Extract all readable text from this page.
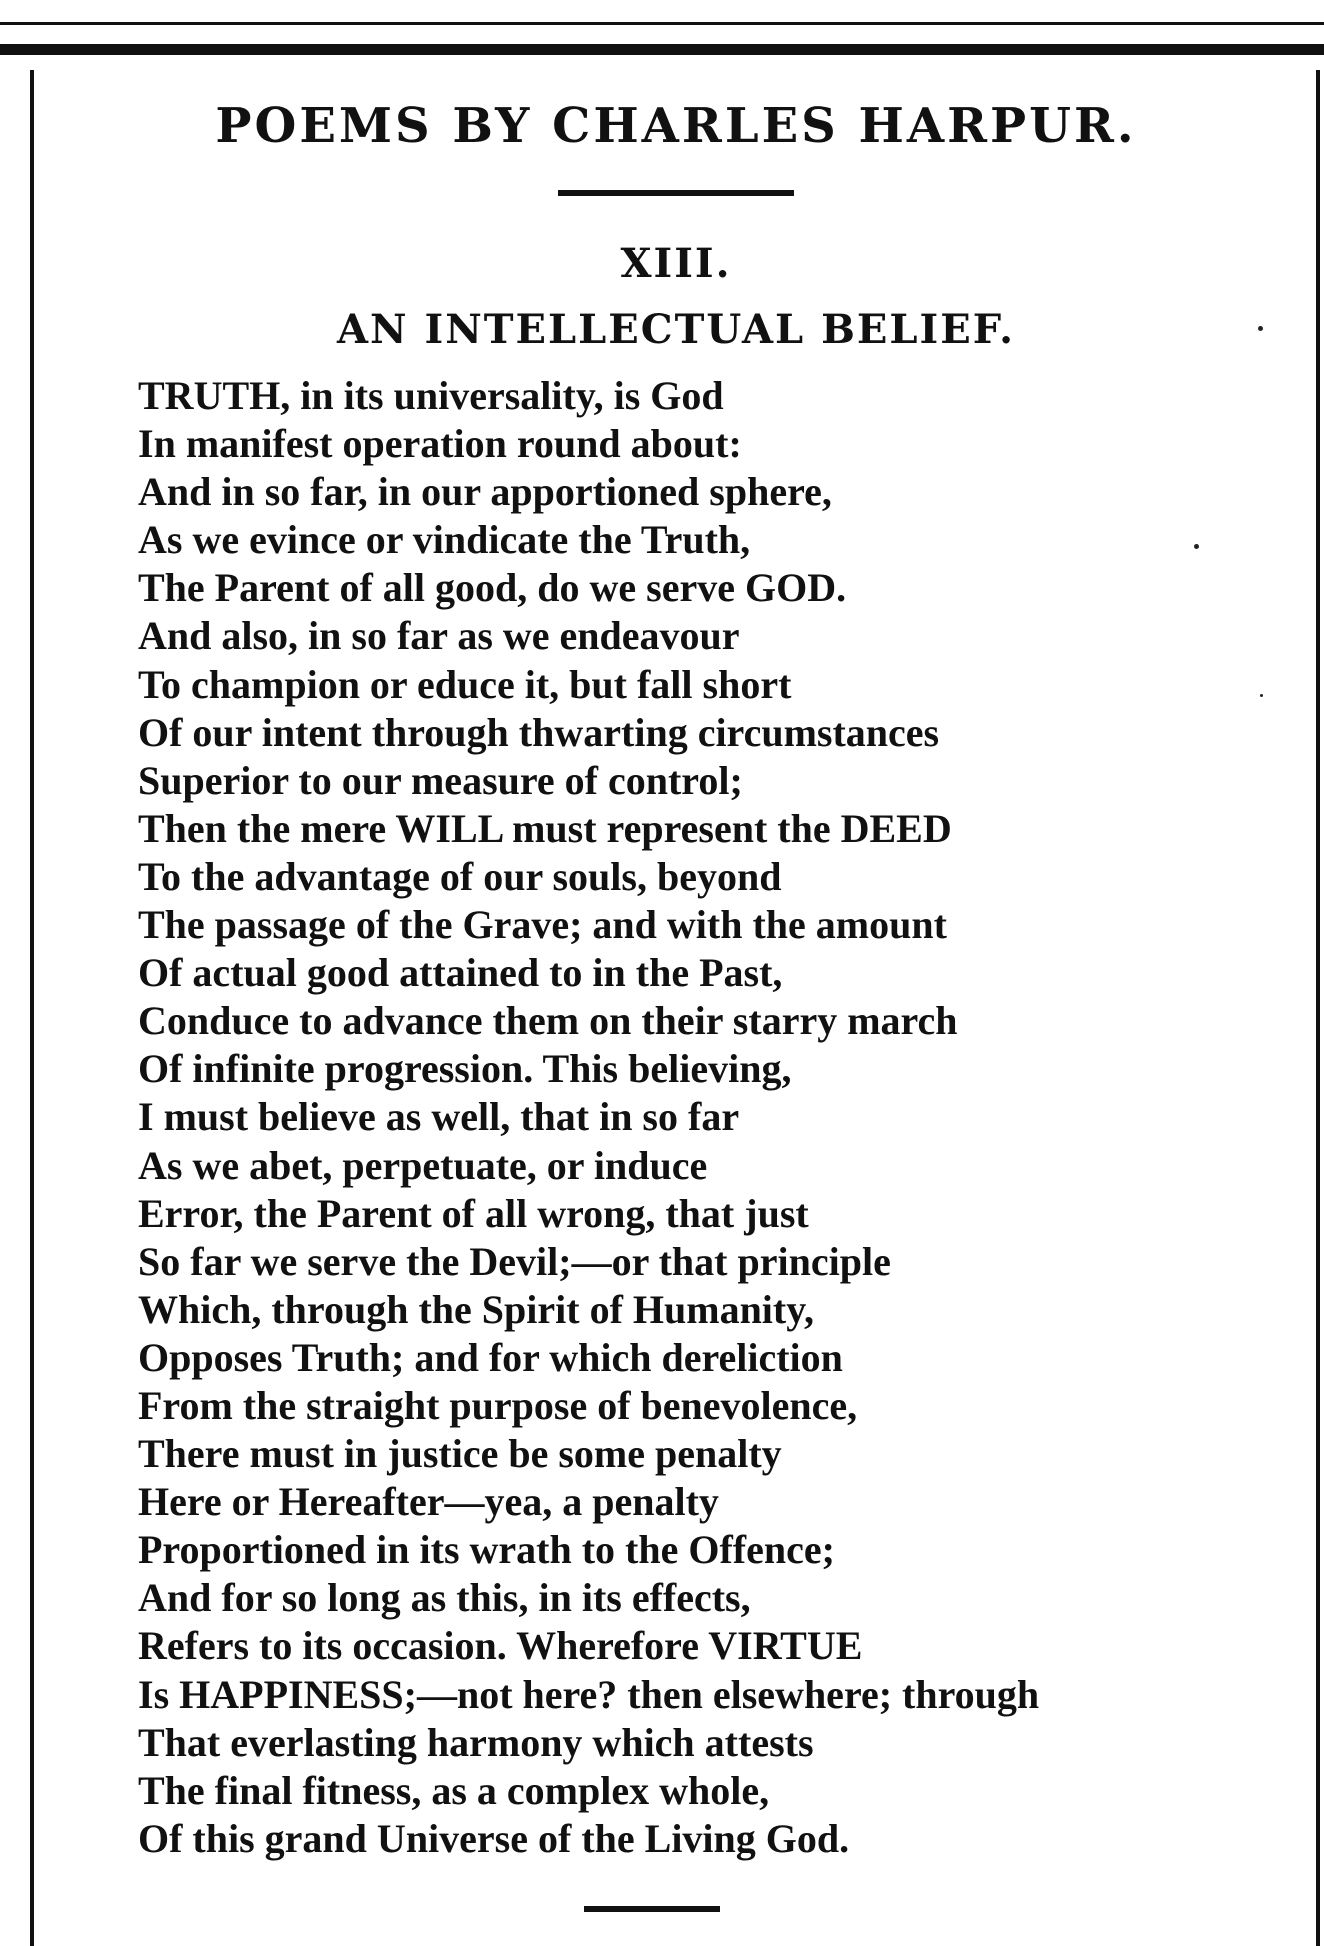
POEMS BY CHARLES HARPUR.
XIII.
AN INTELLECTUAL BELIEF.
TRUTH, in its universality, is God
In manifest operation round about:
And in so far, in our apportioned sphere,
As we evince or vindicate the Truth,
The Parent of all good, do we serve GOD.
And also, in so far as we endeavour
To champion or educe it, but fall short
Of our intent through thwarting circumstances
Superior to our measure of control;
Then the mere WILL must represent the DEED
To the advantage of our souls, beyond
The passage of the Grave; and with the amount
Of actual good attained to in the Past,
Conduce to advance them on their starry march
Of infinite progression. This believing,
I must believe as well, that in so far
As we abet, perpetuate, or induce
Error, the Parent of all wrong, that just
So far we serve the Devil;—or that principle
Which, through the Spirit of Humanity,
Opposes Truth; and for which dereliction
From the straight purpose of benevolence,
There must in justice be some penalty
Here or Hereafter—yea, a penalty
Proportioned in its wrath to the Offence;
And for so long as this, in its effects,
Refers to its occasion. Wherefore VIRTUE
Is HAPPINESS;—not here? then elsewhere; through
That everlasting harmony which attests
The final fitness, as a complex whole,
Of this grand Universe of the Living God.
